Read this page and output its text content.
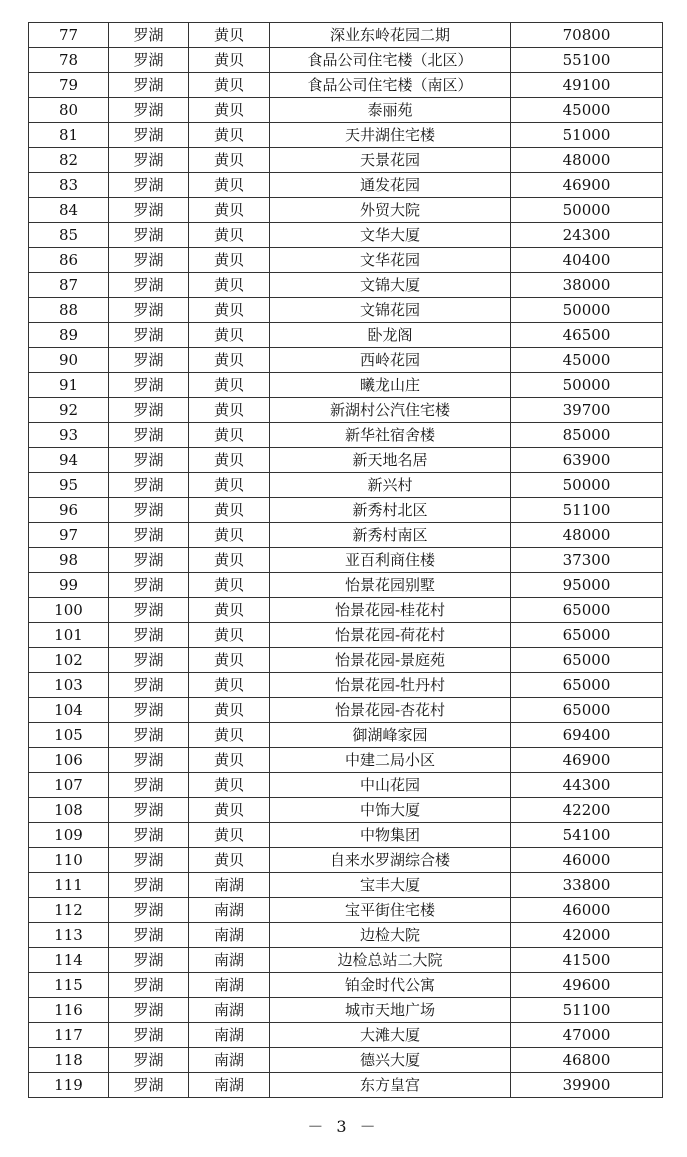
77	罗湖	黄贝	深业东岭花园二期	70800
78	罗湖	黄贝	食品公司住宅楼（北区）	55100
79	罗湖	黄贝	食品公司住宅楼（南区）	49100
80	罗湖	黄贝	泰丽苑	45000
81	罗湖	黄贝	天井湖住宅楼	51000
82	罗湖	黄贝	天景花园	48000
83	罗湖	黄贝	通发花园	46900
84	罗湖	黄贝	外贸大院	50000
85	罗湖	黄贝	文华大厦	24300
86	罗湖	黄贝	文华花园	40400
87	罗湖	黄贝	文锦大厦	38000
88	罗湖	黄贝	文锦花园	50000
89	罗湖	黄贝	卧龙阁	46500
90	罗湖	黄贝	西岭花园	45000
91	罗湖	黄贝	曦龙山庄	50000
92	罗湖	黄贝	新湖村公汽住宅楼	39700
93	罗湖	黄贝	新华社宿舍楼	85000
94	罗湖	黄贝	新天地名居	63900
95	罗湖	黄贝	新兴村	50000
96	罗湖	黄贝	新秀村北区	51100
97	罗湖	黄贝	新秀村南区	48000
98	罗湖	黄贝	亚百利商住楼	37300
99	罗湖	黄贝	怡景花园别墅	95000
100	罗湖	黄贝	怡景花园-桂花村	65000
101	罗湖	黄贝	怡景花园-荷花村	65000
102	罗湖	黄贝	怡景花园-景庭苑	65000
103	罗湖	黄贝	怡景花园-牡丹村	65000
104	罗湖	黄贝	怡景花园-杏花村	65000
105	罗湖	黄贝	御湖峰家园	69400
106	罗湖	黄贝	中建二局小区	46900
107	罗湖	黄贝	中山花园	44300
108	罗湖	黄贝	中饰大厦	42200
109	罗湖	黄贝	中物集团	54100
110	罗湖	黄贝	自来水罗湖综合楼	46000
111	罗湖	南湖	宝丰大厦	33800
112	罗湖	南湖	宝平街住宅楼	46000
113	罗湖	南湖	边检大院	42000
114	罗湖	南湖	边检总站二大院	41500
115	罗湖	南湖	铂金时代公寓	49600
116	罗湖	南湖	城市天地广场	51100
117	罗湖	南湖	大滩大厦	47000
118	罗湖	南湖	德兴大厦	46800
119	罗湖	南湖	东方皇宫	39900
－ 3 －
